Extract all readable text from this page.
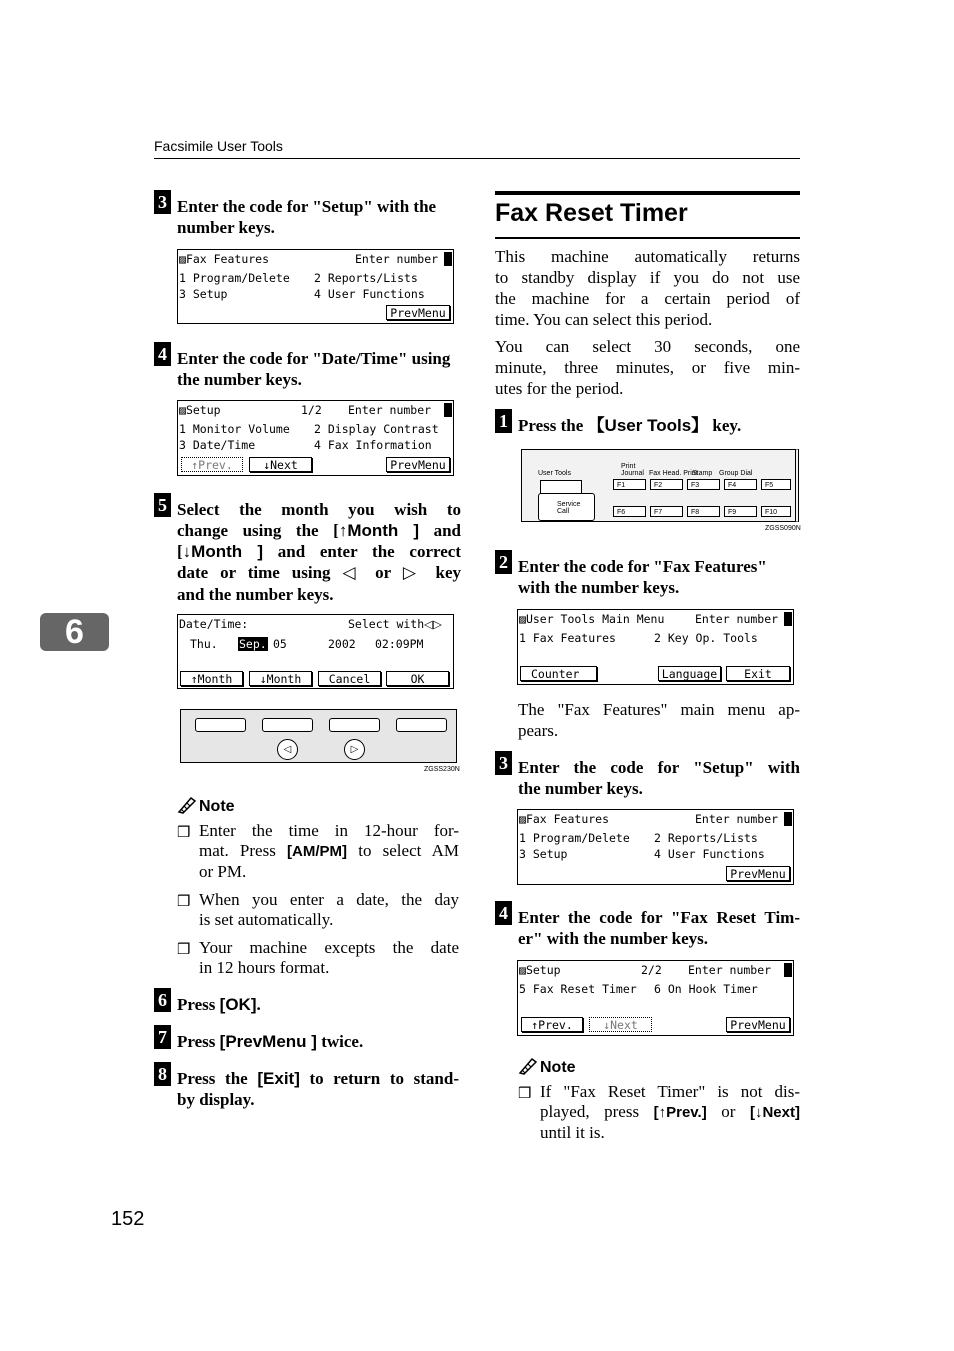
Facsimile User Tools
6
152
3 Enter the code for "Setup" with the number keys.
▨Fax Features	Enter number
1 Program/Delete 2 Reports/Lists
3 Setup	4 User Functions
PrevMenu
4 Enter the code for "Date/Time" using the number keys.
▨Setup	1/2 Enter number
1 Monitor Volume 2 Display Contrast
3 Date/Time	4 Fax Information
↑Prev.	↓Next	PrevMenu
5 Select the month you wish to
change using the [↑Month ] and
[↓Month ] and enter the correct
date or time using ◁ or ▷ key
and the number keys.
Date/Time:	Select with◁▷
Thu. Sep. 05	2002 02:09PM
↑Month	↓Month	Cancel	OK
◁	▷
ZGSS230N
Note
❒ Enter the time in 12-hour for-
mat. Press [AM/PM] to select AM
or PM.
❒ When you enter a date, the day
is set automatically.
❒ Your machine excepts the date
in 12 hours format.
6 Press [OK].
7 Press [PrevMenu ] twice.
8 Press the [Exit] to return to stand-
by display.
Fax Reset Timer
This machine automatically returns
to standby display if you do not use
the machine for a certain period of
time. You can select this period.
You can select 30 seconds, one
minute, three minutes, or five min-
utes for the period.
1 Press the 【User Tools】 key.
User Tools
Print Journal Fax Head. Print
Stamp Group Dial
Service Call
F1	F2	F3	F4	F5
F6	F7	F8	F9	F10
ZGSS090N
2 Enter the code for "Fax Features"
with the number keys.
▨User Tools Main Menu	Enter number
1 Fax Features	2 Key Op. Tools
Counter	Language	Exit
The "Fax Features" main menu ap-
pears.
3 Enter the code for "Setup" with
the number keys.
▨Fax Features	Enter number
1 Program/Delete 2 Reports/Lists
3 Setup	4 User Functions
PrevMenu
4 Enter the code for "Fax Reset Tim-
er" with the number keys.
▨Setup	2/2 Enter number
5 Fax Reset Timer 6 On Hook Timer
↑Prev.	↓Next	PrevMenu
Note
❒ If "Fax Reset Timer" is not dis-
played, press [↑Prev.] or [↓Next]
until it is.
